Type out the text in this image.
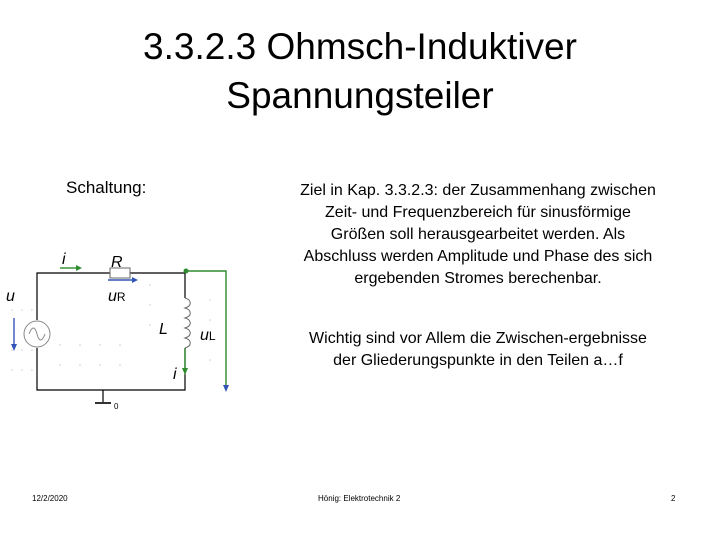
3.3.2.3 Ohmsch-Induktiver
Spannungsteiler
Schaltung:	Ziel in Kap. 3.3.2.3: der Zusammenhang zwischen Zeit- und Frequenzbereich für sinusförmige Größen soll herausgearbeitet werden. Als Abschluss werden Amplitude und Phase des sich ergebenden Stromes berechenbar.
Wichtig sind vor Allem die Zwischen-ergebnisse der Gliederungspunkte in den Teilen a…f
i	R
uR
u
L uL
i
0
12/2/2020	Hönig: Elektrotechnik 2	2
